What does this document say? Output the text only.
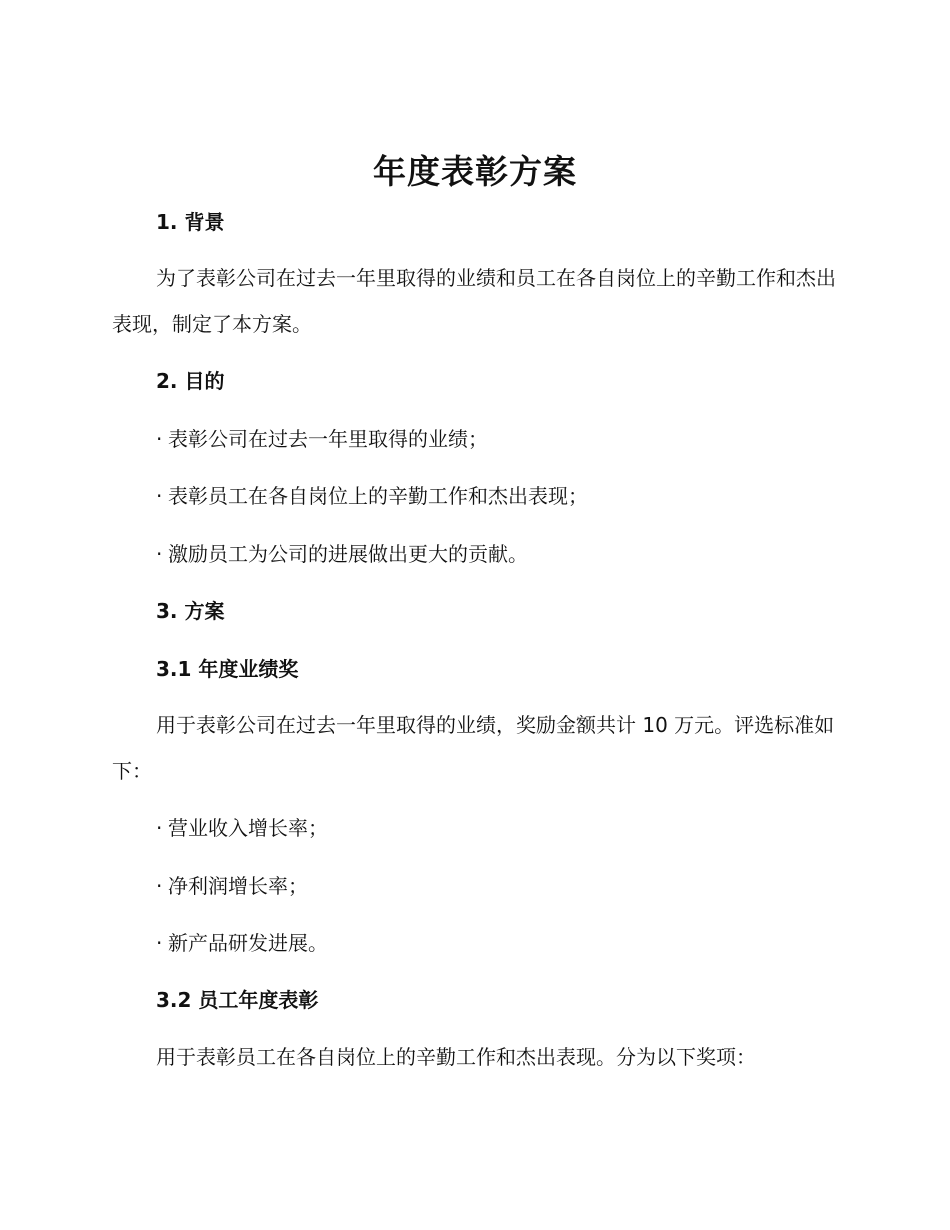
年度表彰方案
1. 背景
为了表彰公司在过去一年里取得的业绩和员工在各自岗位上的辛勤工作和杰出表现，制定了本方案。
2. 目的
· 表彰公司在过去一年里取得的业绩；
· 表彰员工在各自岗位上的辛勤工作和杰出表现；
· 激励员工为公司的进展做出更大的贡献。
3. 方案
3.1 年度业绩奖
用于表彰公司在过去一年里取得的业绩，奖励金额共计 10 万元。评选标准如下：
· 营业收入增长率；
· 净利润增长率；
· 新产品研发进展。
3.2 员工年度表彰
用于表彰员工在各自岗位上的辛勤工作和杰出表现。分为以下奖项：
